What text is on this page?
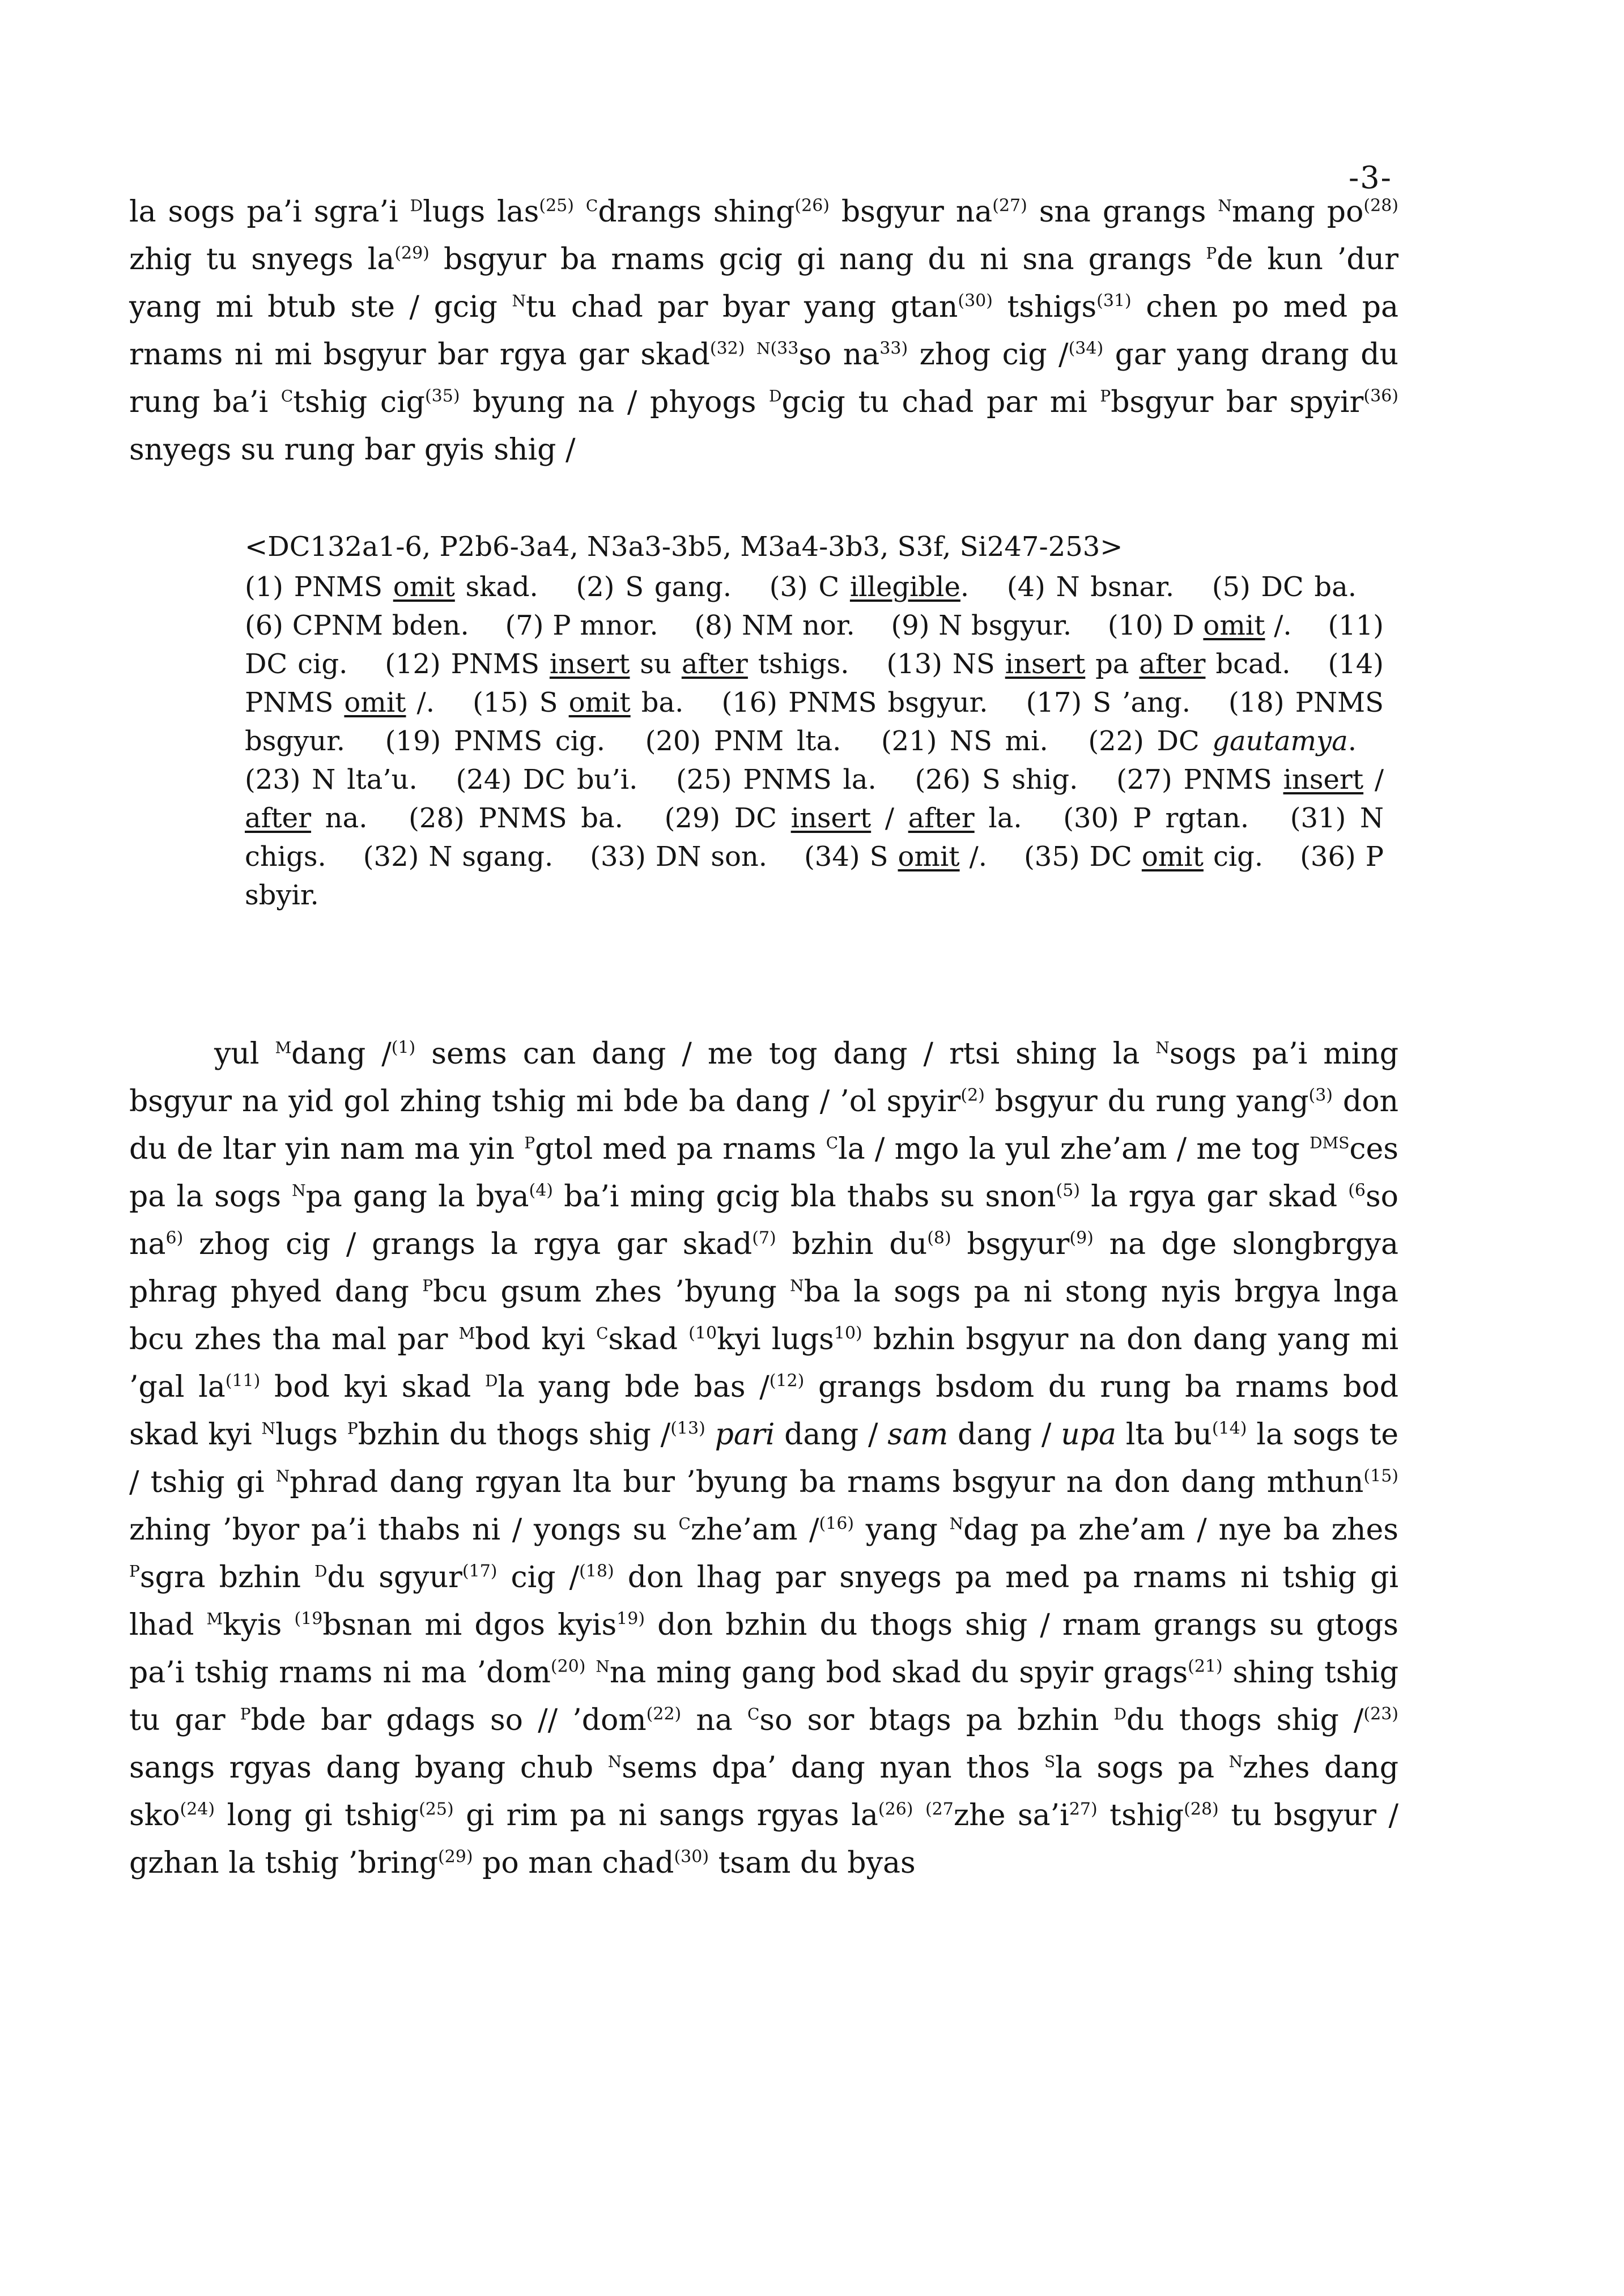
-3-

la sogs pa’i sgra’i $^D$lugs las$^{(25)}$ $^C$drangs shing$^{(26)}$ bsgyur $na^{(27)}$ sna grangs $^N$mang $po^{(28)}$ zhig tu snyegs $la^{(29)}$ bsgyur ba rnams gcig gi nang du ni sna grangs $^P$de kun ’dur yang mi btub ste / gcig $^N$tu chad par byar yang gtan$^{(30)}$ tshigs$^{(31)}$ chen po med pa rnams ni mi bsgyur bar rgya gar skad$^{(32)}$ $^{N(33}$so $na^{33)}$ zhog cig /$^{(34)}$ gar yang drang du rung ba’i $^C$tshig cig$^{(35)}$ byung na / phyogs $^D$gcig tu chad par mi $^P$bsgyur bar spyir$^{(36)}$ snyegs su rung bar gyis shig /

<DC132a1-6, P2b6-3a4, N3a3-3b5, M3a4-3b3, S3f, Si247-253>

(1) PNMS omit skad.  (2) S gang.  (3) C illegible.  (4) N bsnar.  (5) DC ba.  (6) CPNM bden.  (7) P mnor.  (8) NM nor.  (9) N bsgyur.  (10) D omit /.  (11) DC cig.  (12) PNMS insert su after tshigs.  (13) NS insert pa after bcad.  (14) PNMS omit /.  (15) S omit ba.  (16) PNMS bsgyur.  (17) S ’ang.  (18) PNMS bsgyur.  (19) PNMS cig.  (20) PNM lta.  (21) NS mi.  (22) DC gautamya.  (23) N lta’u.  (24) DC bu’i.  (25) PNMS la.  (26) S shig.  (27) PNMS insert / after na.  (28) PNMS ba.  (29) DC insert / after la.  (30) P rgtan.  (31) N chigs.  (32) N sgang.  (33) DN son.  (34) S omit /.  (35) DC omit cig.  (36) P sbyir.

yul $^M$dang /$^{(1)}$ sems can dang / me tog dang / rtsi shing la $^N$sogs pa’i ming bsgyur na yid gol zhing tshig mi bde ba dang / ’ol spyir$^{(2)}$ bsgyur du rung yang$^{(3)}$ don du de ltar yin nam ma yin $^P$gtol med pa rnams $^C$la / mgo la yul zhe’am / me tog $^{DMS}$ces pa la sogs $^N$pa gang la bya$^{(4)}$ ba’i ming gcig bla thabs su snon$^{(5)}$ la rgya gar skad $^{(6}$so $na^{6)}$ zhog cig / grangs la rgya gar skad$^{(7)}$ bzhin $du^{(8)}$ bsgyur$^{(9)}$ na dge slongbrgya phrag phyed dang $^P$bcu gsum zhes ’byung $^N$ba la sogs pa ni stong nyis brgya lnga bcu zhes tha mal par $^M$bod kyi $^C$skad $^{(10}$kyi lugs$^{10)}$ bzhin bsgyur na don dang yang mi ’gal $la^{(11)}$ bod kyi skad $^D$la yang bde bas /$^{(12)}$ grangs bsdom du rung ba rnams bod skad kyi $^N$lugs $^P$bzhin du thogs shig /$^{(13)}$ pari dang / sam dang / upa lta $bu^{(14)}$ la sogs te / tshig gi $^N$phrad dang rgyan lta bur ’byung ba rnams bsgyur na don dang mthun$^{(15)}$ zhing ’byor pa’i thabs ni / yongs su $^C$zhe’am /$^{(16)}$ yang $^N$dag pa zhe’am / nye ba zhes $^P$sgra bzhin $^D$du sgyur$^{(17)}$ cig /$^{(18)}$ don lhag par snyegs pa med pa rnams ni tshig gi lhad $^M$kyis $^{(19}$bsnan mi dgos kyis$^{19)}$ don bzhin du thogs shig / rnam grangs su gtogs pa’i tshig rnams ni ma ’dom$^{(20)}$ $^N$na ming gang bod skad du spyir grags$^{(21)}$ shing tshig tu gar $^P$bde bar gdags so // ’dom$^{(22)}$ na $^C$so sor btags pa bzhin $^D$du thogs shig /$^{(23)}$ sangs rgyas dang byang chub $^N$sems dpa’ dang nyan thos $^S$la sogs pa $^N$zhes dang sko$^{(24)}$ long gi tshig$^{(25)}$ gi rim pa ni sangs rgyas $la^{(26)}$ $^{(27}$zhe $sa’i^{27)}$ tshig$^{(28)}$ tu bsgyur / gzhan la tshig ’bring$^{(29)}$ po man chad$^{(30)}$ tsam du byas
